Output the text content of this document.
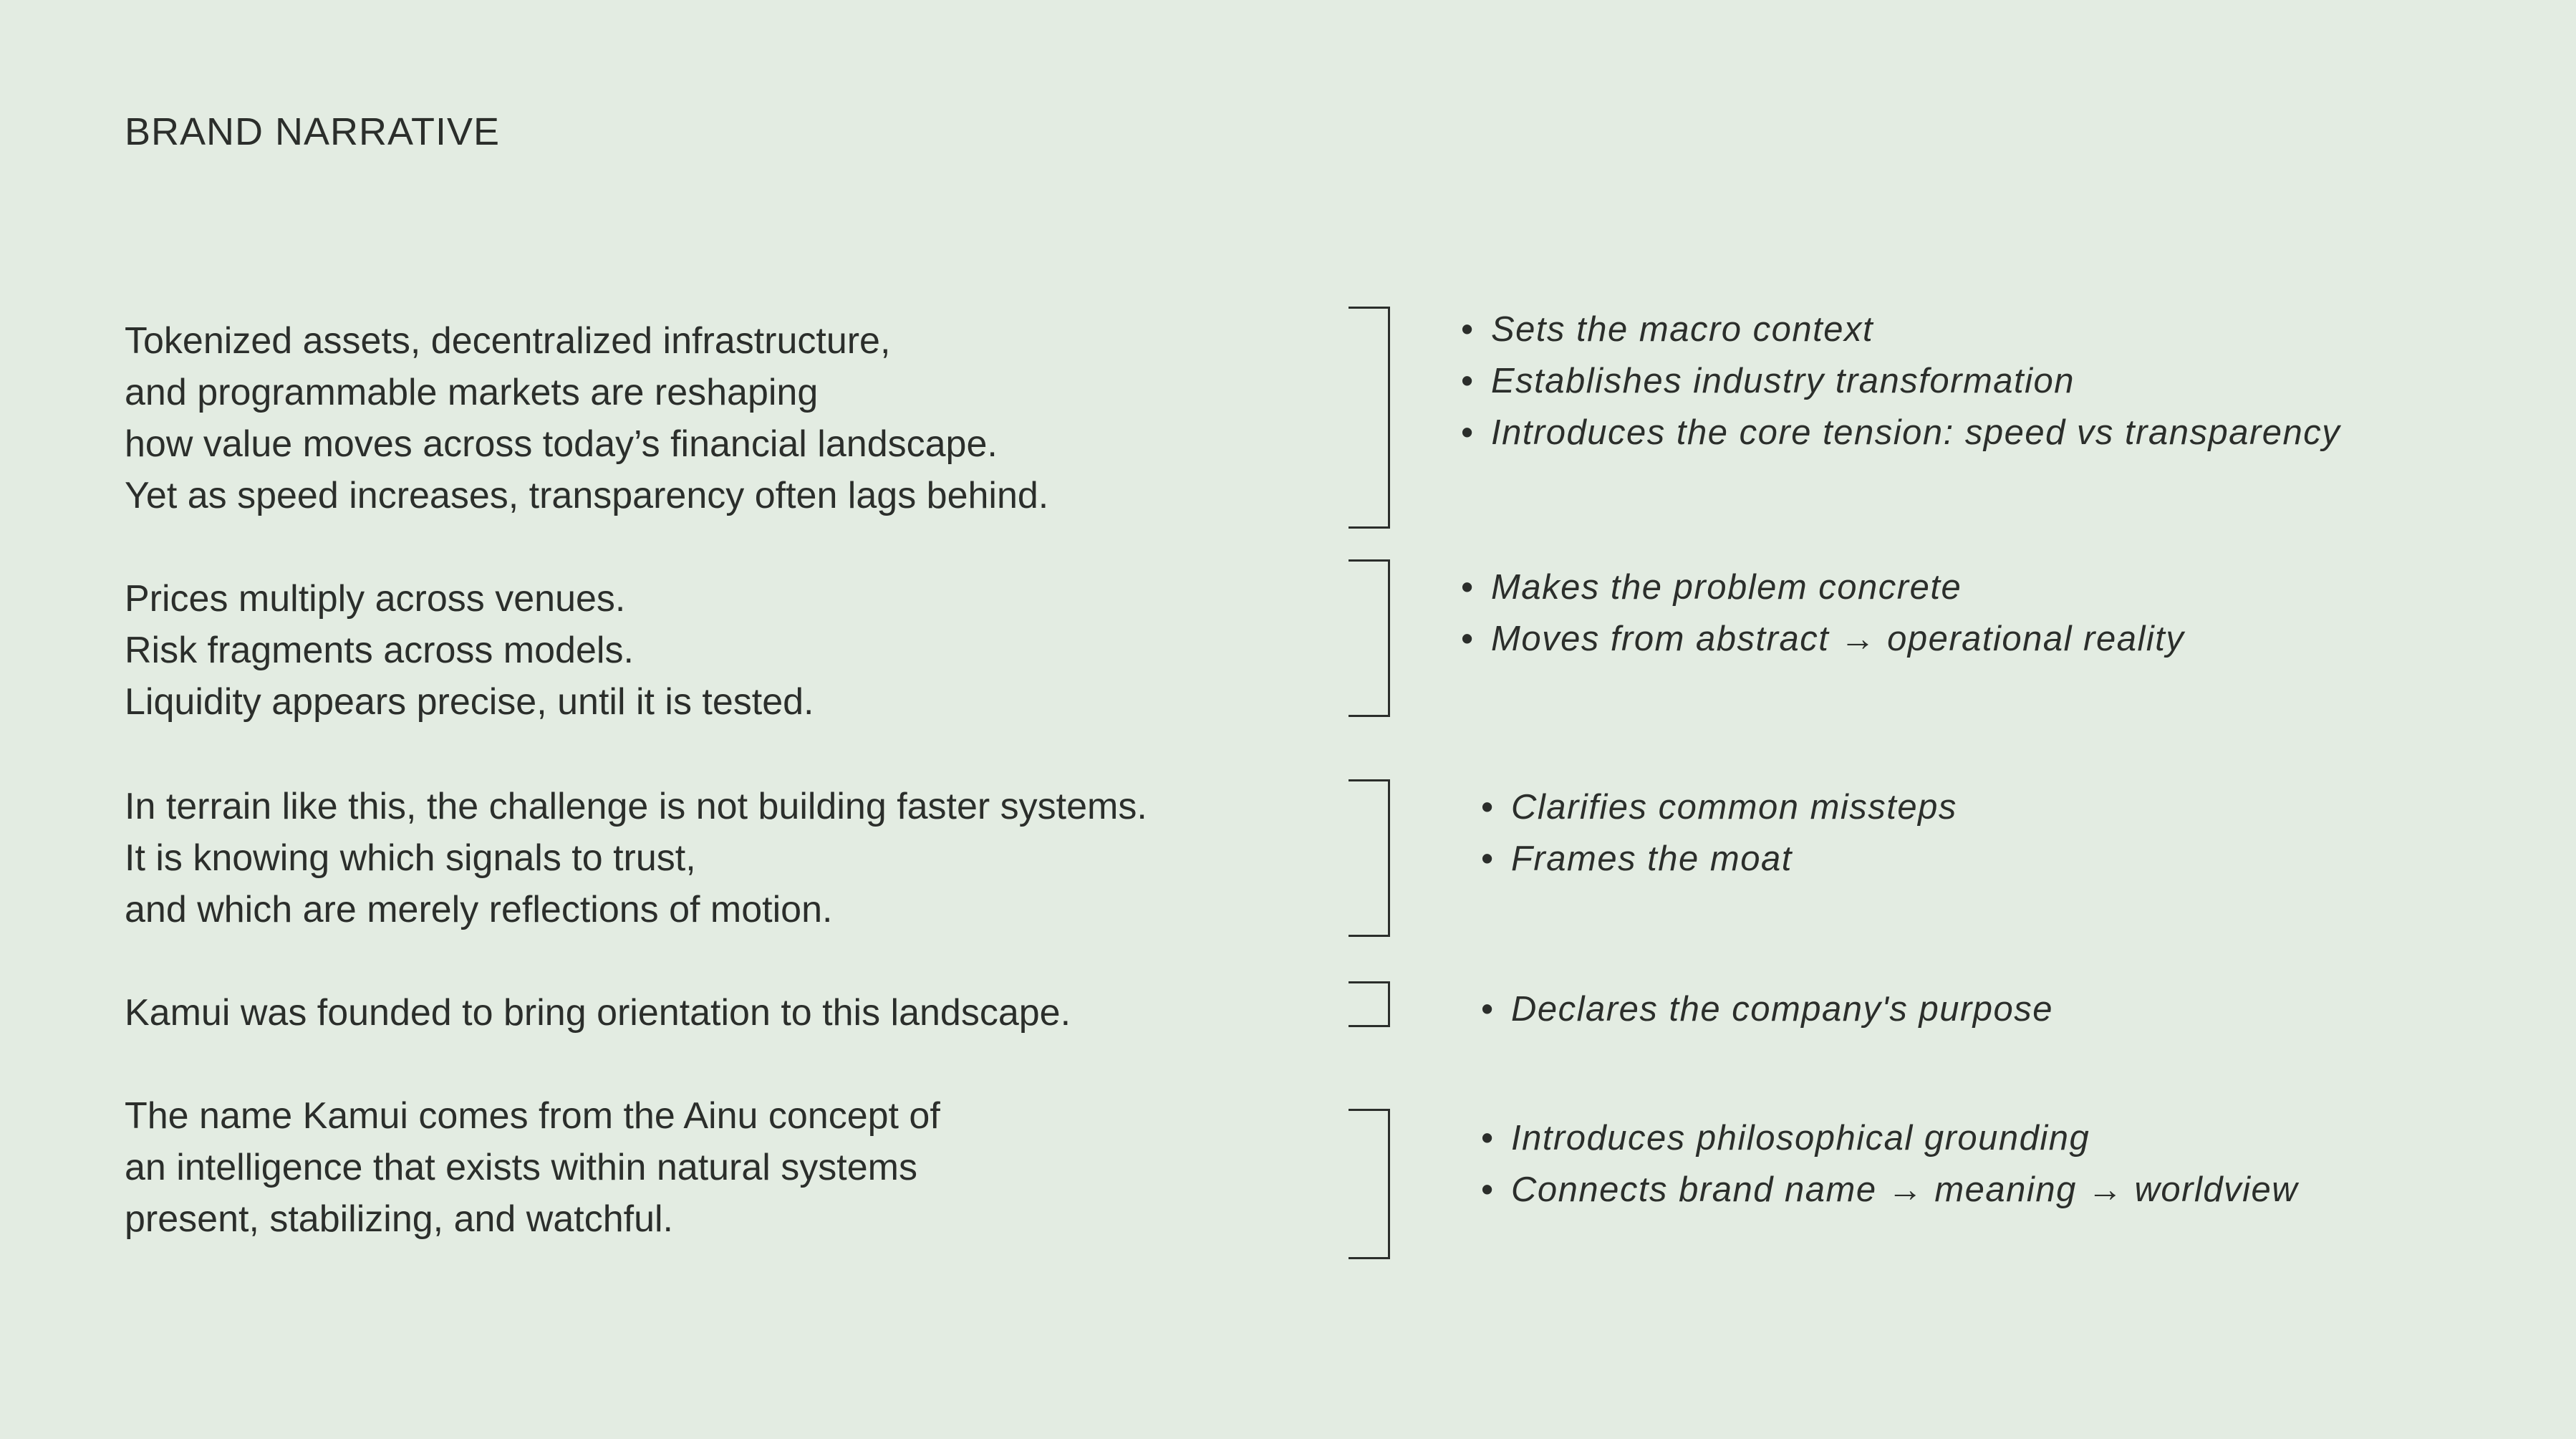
BRAND NARRATIVE
Tokenized assets, decentralized infrastructure,
and programmable markets are reshaping
how value moves across today’s financial landscape.
Yet as speed increases, transparency often lags behind.
• Sets the macro context
• Establishes industry transformation
• Introduces the core tension: speed vs transparency
Prices multiply across venues.
Risk fragments across models.
Liquidity appears precise, until it is tested.
• Makes the problem concrete
• Moves from abstract → operational reality
In terrain like this, the challenge is not building faster systems.
It is knowing which signals to trust,
and which are merely reflections of motion.
• Clarifies common missteps
• Frames the moat
Kamui was founded to bring orientation to this landscape.
•	Declares the company's purpose
The name Kamui comes from the Ainu concept of
an intelligence that exists within natural systems
present, stabilizing, and watchful.
• Introduces philosophical grounding
• Connects brand name → meaning → worldview
